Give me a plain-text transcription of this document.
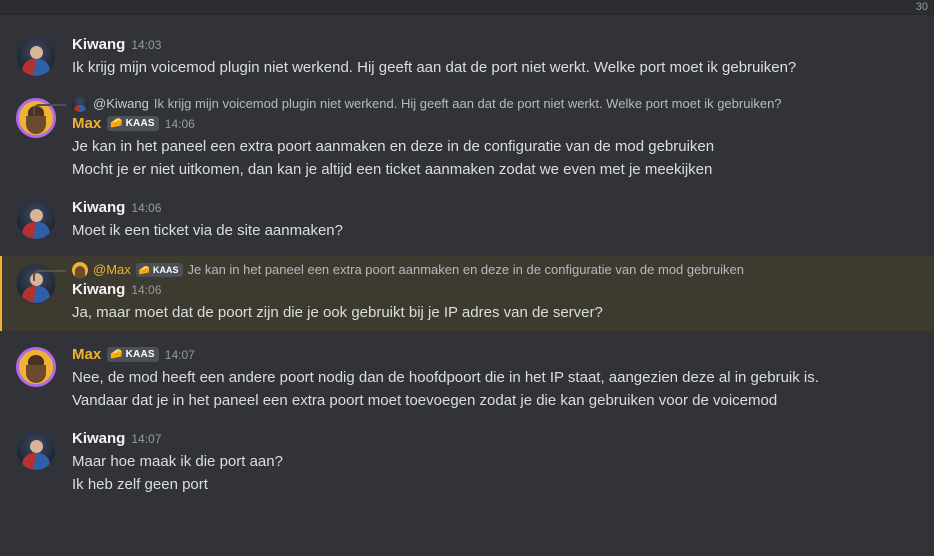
30
Kiwang 14:03
Ik krijg mijn voicemod plugin niet werkend. Hij geeft aan dat de port niet werkt. Welke port moet ik gebruiken?
@Kiwang Ik krijg mijn voicemod plugin niet werkend. Hij geeft aan dat de port niet werkt. Welke port moet ik gebruiken?
Max 🧀 KAAS 14:06
Je kan in het paneel een extra poort aanmaken en deze in de configuratie van de mod gebruiken
Mocht je er niet uitkomen, dan kan je altijd een ticket aanmaken zodat we even met je meekijken
Kiwang 14:06
Moet ik een ticket via de site aanmaken?
@Max 🧀 KAAS Je kan in het paneel een extra poort aanmaken en deze in de configuratie van de mod gebruiken
Kiwang 14:06
Ja, maar moet dat de poort zijn die je ook gebruikt bij je IP adres van de server?
Max 🧀 KAAS 14:07
Nee, de mod heeft een andere poort nodig dan de hoofdpoort die in het IP staat, aangezien deze al in gebruik is.
Vandaar dat je in het paneel een extra poort moet toevoegen zodat je die kan gebruiken voor de voicemod
Kiwang 14:07
Maar hoe maak ik die port aan?
Ik heb zelf geen port
